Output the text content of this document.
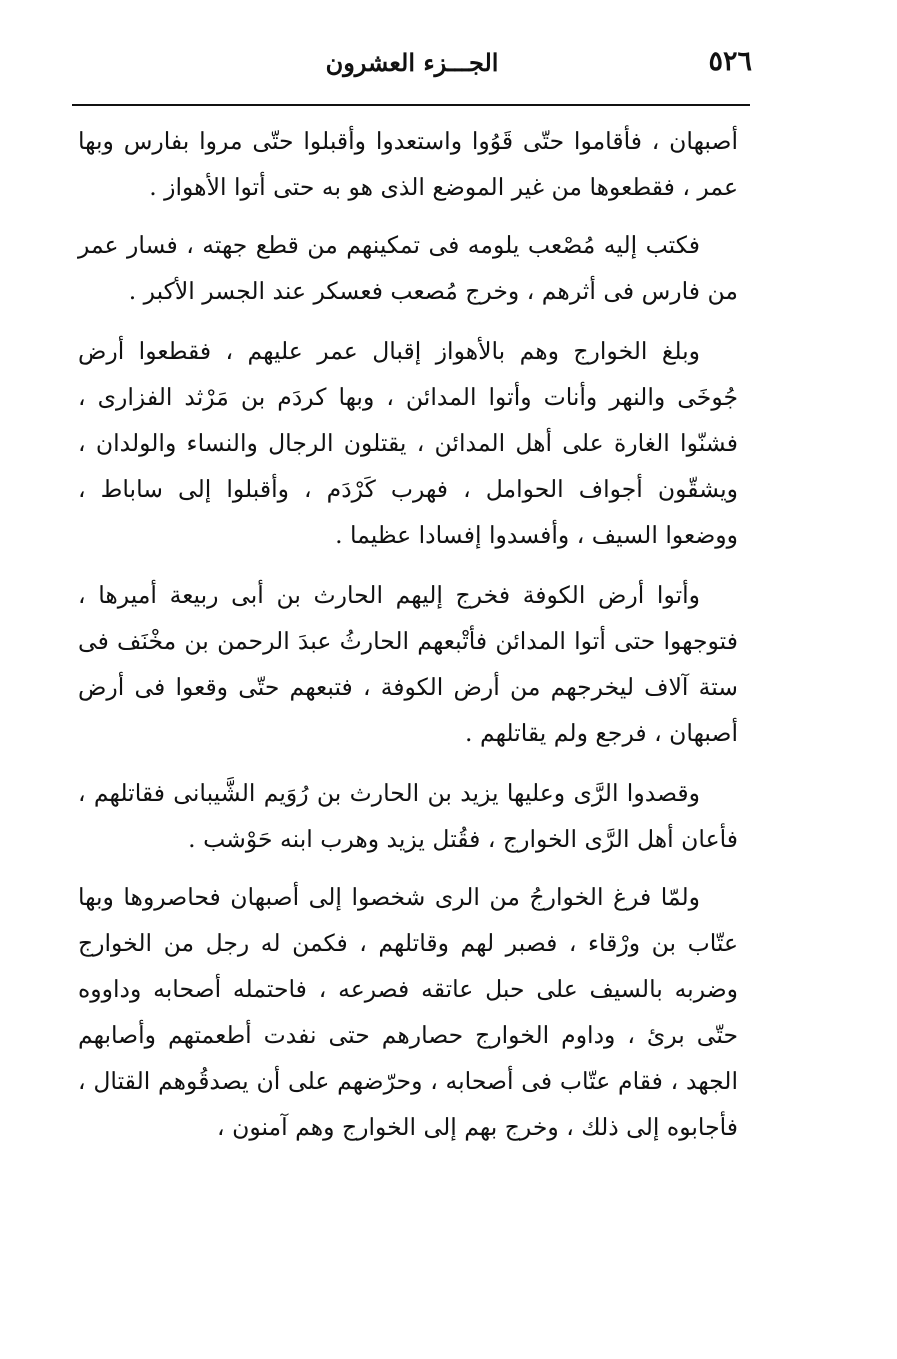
٥٢٦
الجـــزء العشرون

أصبهان ، فأقاموا حتّى قَوُوا واستعدوا وأقبلوا حتّى مروا بفارس وبها عمر ، فقطعوها من غير الموضع الذى هو به حتى أتوا الأهواز .

فكتب إليه مُصْعب يلومه فى تمكينهم من قطع جهته ، فسار عمر من فارس فى أثرهم ، وخرج مُصعب فعسكر عند الجسر الأكبر .

وبلغ الخوارج وهم بالأهواز إقبال عمر عليهم ، فقطعوا أرض جُوخَى والنهر وأنات وأتوا المدائن ، وبها كردَم بن مَرْثد الفزارى ، فشنّوا الغارة على أهل المدائن ، يقتلون الرجال والنساء والولدان ، ويشقّون أجواف الحوامل ، فهرب كَرْدَم ، وأقبلوا إلى ساباط ، ووضعوا السيف ، وأفسدوا إفسادا عظيما .

وأتوا أرض الكوفة فخرج إليهم الحارث بن أبى ربيعة أميرها ، فتوجهوا حتى أتوا المدائن فأتْبعهم الحارثُ عبدَ الرحمن بن مخْنَف فى ستة آلاف ليخرجهم من أرض الكوفة ، فتبعهم حتّى وقعوا فى أرض أصبهان ، فرجع ولم يقاتلهم .

وقصدوا الرَّى وعليها يزيد بن الحارث بن رُوَيم الشَّيبانى فقاتلهم ، فأعان أهل الرَّى الخوارج ، فقُتل يزيد وهرب ابنه حَوْشب .

ولمّا فرغ الخوارجُ من الرى شخصوا إلى أصبهان فحاصروها وبها عتّاب بن ورْقاء ، فصبر لهم وقاتلهم ، فكمن له رجل من الخوارج وضربه بالسيف على حبل عاتقه فصرعه ، فاحتمله أصحابه وداووه حتّى برئ ، وداوم الخوارج حصارهم حتى نفدت أطعمتهم وأصابهم الجهد ، فقام عتّاب فى أصحابه ، وحرّضهم على أن يصدقُوهم القتال ، فأجابوه إلى ذلك ، وخرج بهم إلى الخوارج وهم آمنون ،
